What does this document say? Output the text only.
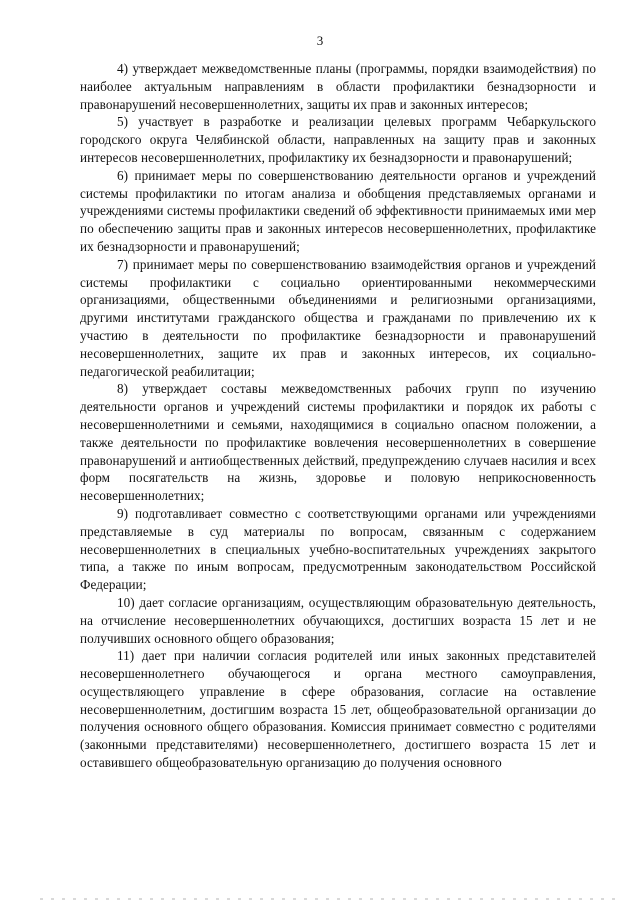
3

4) утверждает межведомственные планы (программы, порядки взаимодействия) по наиболее актуальным направлениям в области профилактики безнадзорности и правонарушений несовершеннолетних, защиты их прав и законных интересов;

5) участвует в разработке и реализации целевых программ Чебаркульского городского округа Челябинской области, направленных на защиту прав и законных интересов несовершеннолетних, профилактику их безнадзорности и правонарушений;

6) принимает меры по совершенствованию деятельности органов и учреждений системы профилактики по итогам анализа и обобщения представляемых органами и учреждениями системы профилактики сведений об эффективности принимаемых ими мер по обеспечению защиты прав и законных интересов несовершеннолетних, профилактике их безнадзорности и правонарушений;

7) принимает меры по совершенствованию взаимодействия органов и учреждений системы профилактики с социально ориентированными некоммерческими организациями, общественными объединениями и религиозными организациями, другими институтами гражданского общества и гражданами по привлечению их к участию в деятельности по профилактике безнадзорности и правонарушений несовершеннолетних, защите их прав и законных интересов, их социально-педагогической реабилитации;

8) утверждает составы межведомственных рабочих групп по изучению деятельности органов и учреждений системы профилактики и порядок их работы с несовершеннолетними и семьями, находящимися в социально опасном положении, а также деятельности по профилактике вовлечения несовершеннолетних в совершение правонарушений и антиобщественных действий, предупреждению случаев насилия и всех форм посягательств на жизнь, здоровье и половую неприкосновенность несовершеннолетних;

9) подготавливает совместно с соответствующими органами или учреждениями представляемые в суд материалы по вопросам, связанным с содержанием несовершеннолетних в специальных учебно-воспитательных учреждениях закрытого типа, а также по иным вопросам, предусмотренным законодательством Российской Федерации;

10) дает согласие организациям, осуществляющим образовательную деятельность, на отчисление несовершеннолетних обучающихся, достигших возраста 15 лет и не получивших основного общего образования;

11) дает при наличии согласия родителей или иных законных представителей несовершеннолетнего обучающегося и органа местного самоуправления, осуществляющего управление в сфере образования, согласие на оставление несовершеннолетним, достигшим возраста 15 лет, общеобразовательной организации до получения основного общего образования. Комиссия принимает совместно с родителями (законными представителями) несовершеннолетнего, достигшего возраста 15 лет и оставившего общеобразовательную организацию до получения основного
